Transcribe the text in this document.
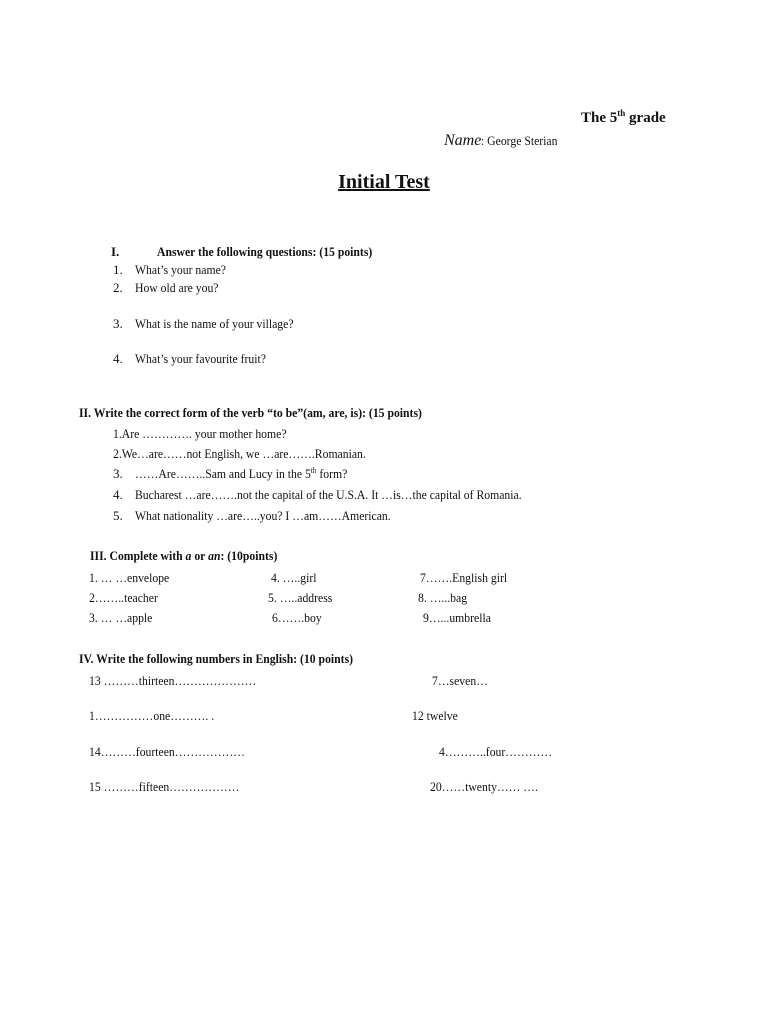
The 5th grade
Name: George Sterian
Initial Test
I.	Answer the following questions: (15 points)
1. What’s your name?
2. How old are you?
3. What is the name of your village?
4. What’s your favourite fruit?
II. Write the correct form of the verb “to be”(am, are, is): (15 points)
1.Are …………. your mother home?
2.We…are……not English, we …are…….Romanian.
3. ……Are……..Sam and Lucy in the 5th form?
4. Bucharest …are…….not the capital of the U.S.A. It …is…the capital of Romania.
5. What nationality …are…..you? I …am……American.
III. Complete with a or an: (10points)
1. … …envelope	4. …..girl	7…….English girl
2……..teacher	5. …..address	8. …...bag
3. … …apple	6…….boy	9…...umbrella
IV. Write the following numbers in English: (10 points)
13 ………thirteen…………………	7…seven…
1……………one………. .	12 twelve
14………fourteen………………	4………..four…………
15 ………fifteen………………	20……twenty…… ….
